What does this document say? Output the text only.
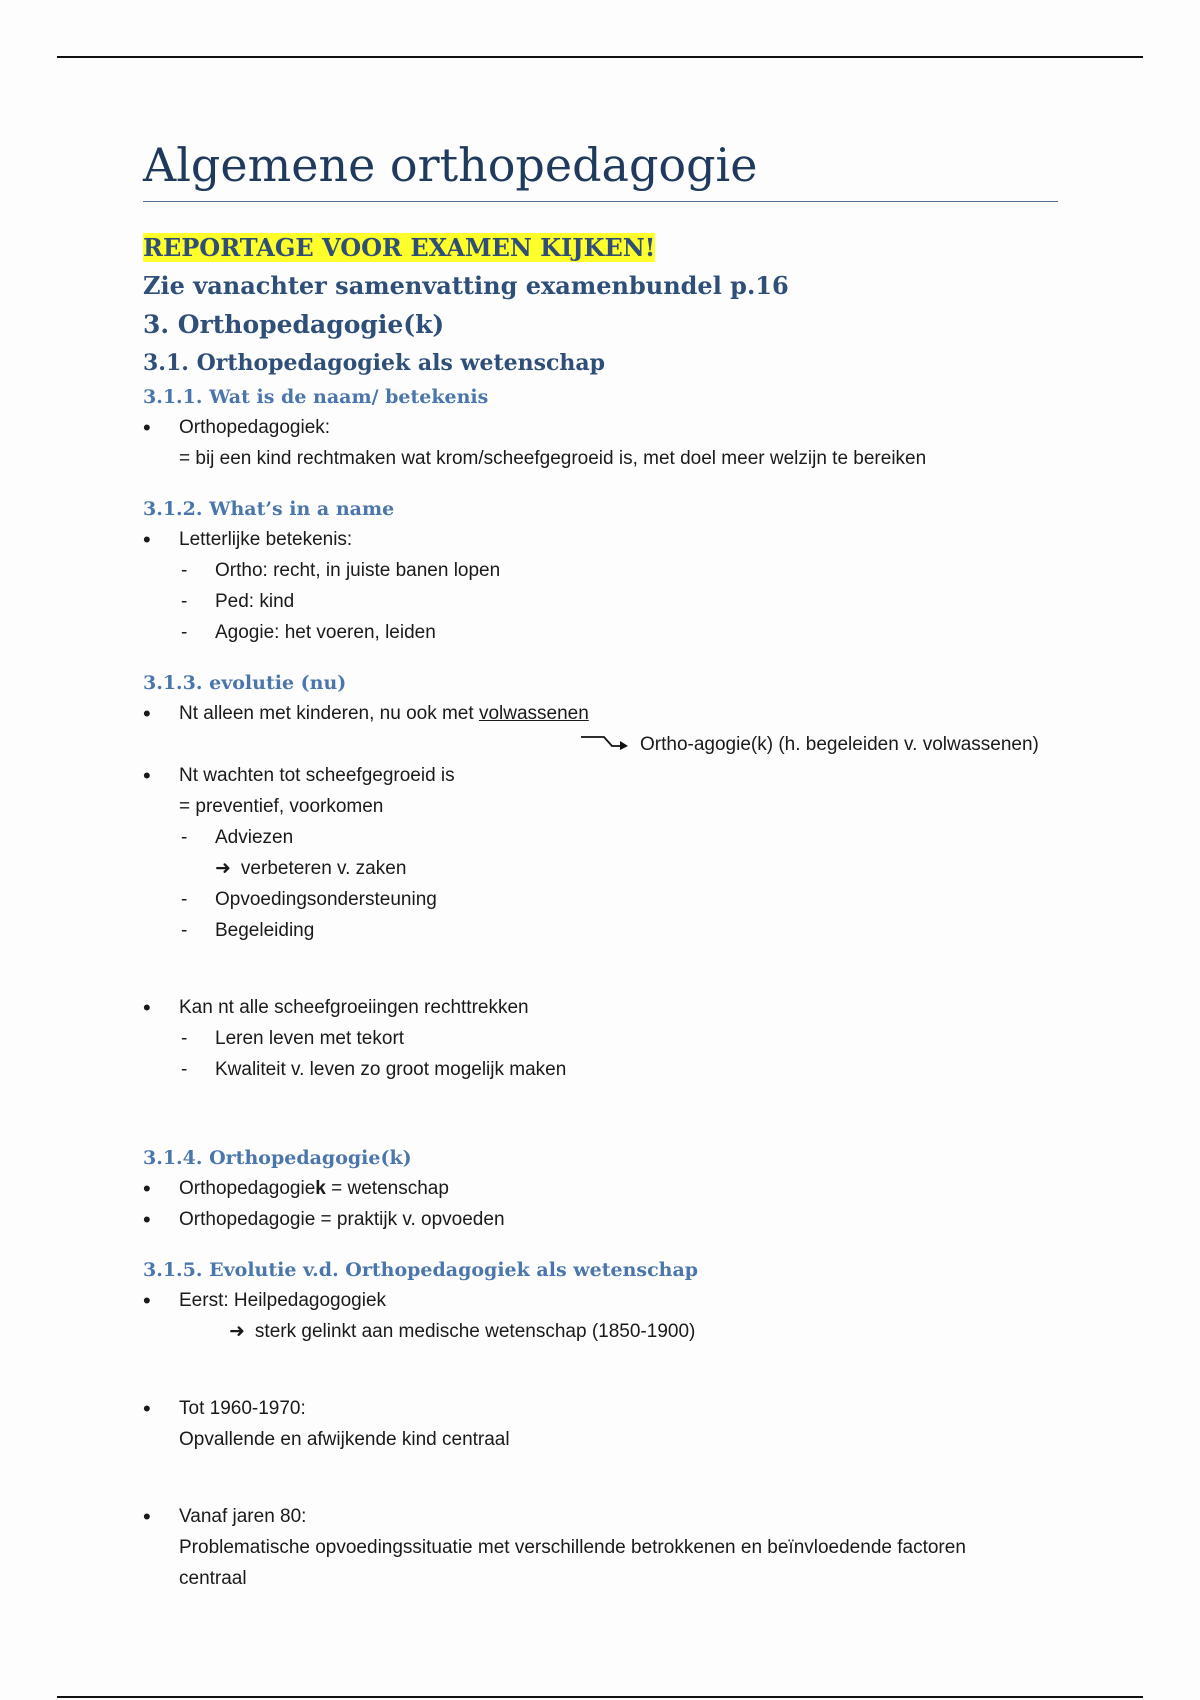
Algemene orthopedagogie

REPORTAGE VOOR EXAMEN KIJKEN!

Zie vanachter samenvatting examenbundel p.16

3. Orthopedagogie(k)

3.1. Orthopedagogiek als wetenschap

3.1.1. Wat is de naam/ betekenis

• Orthopedagogiek:
= bij een kind rechtmaken wat krom/scheefgegroeid is, met doel meer welzijn te bereiken

3.1.2. What’s in a name

• Letterlijke betekenis:
- Ortho: recht, in juiste banen lopen
- Ped: kind
- Agogie: het voeren, leiden

3.1.3. evolutie (nu)

• Nt alleen met kinderen, nu ook met volwassenen
Ortho-agogie(k) (h. begeleiden v. volwassenen)
• Nt wachten tot scheefgegroeid is
= preventief, voorkomen
- Adviezen
➜ verbeteren v. zaken
- Opvoedingsondersteuning
- Begeleiding
• Kan nt alle scheefgroeiingen rechttrekken
- Leren leven met tekort
- Kwaliteit v. leven zo groot mogelijk maken

3.1.4. Orthopedagogie(k)

• Orthopedagogiek = wetenschap
• Orthopedagogie = praktijk v. opvoeden

3.1.5. Evolutie v.d. Orthopedagogiek als wetenschap

• Eerst: Heilpedagogogiek
➜ sterk gelinkt aan medische wetenschap (1850-1900)
• Tot 1960-1970:
Opvallende en afwijkende kind centraal
• Vanaf jaren 80:
Problematische opvoedingssituatie met verschillende betrokkenen en beïnvloedende factoren
centraal
